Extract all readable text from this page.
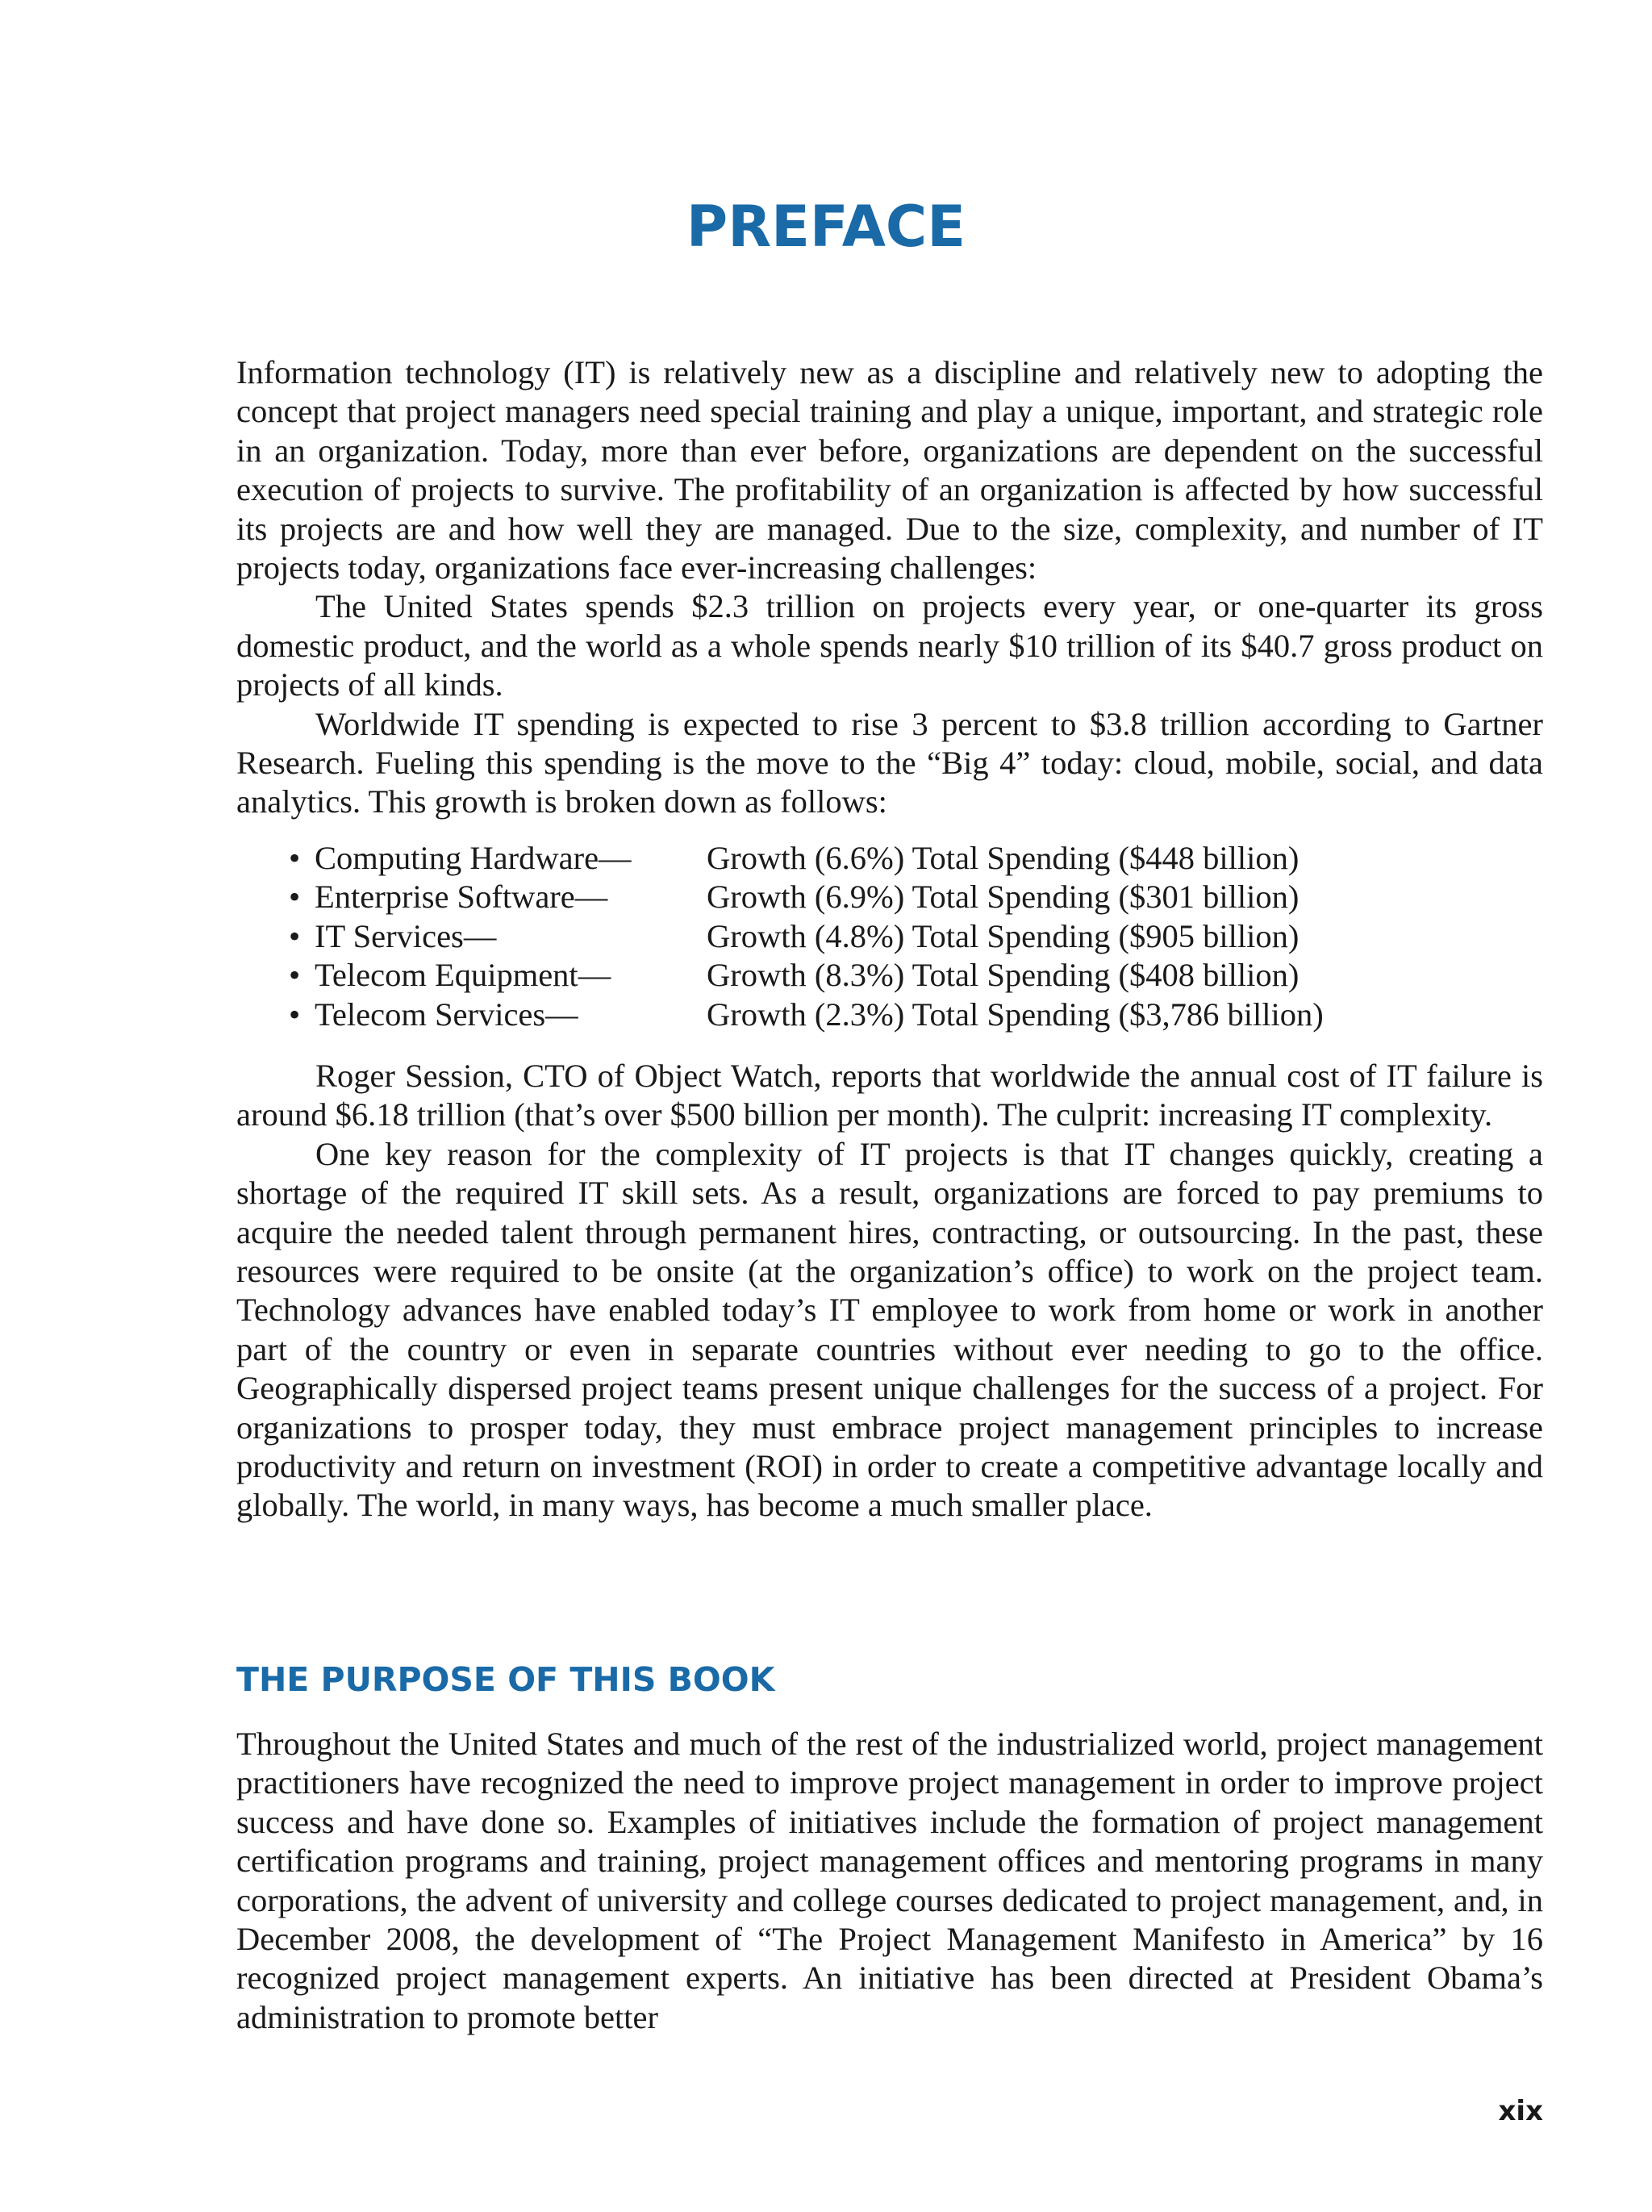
PREFACE

Information technology (IT) is relatively new as a discipline and relatively new to adopting the concept that project managers need special training and play a unique, important, and strategic role in an organization. Today, more than ever before, organizations are dependent on the successful execution of projects to survive. The profitability of an organization is affected by how successful its projects are and how well they are managed. Due to the size, complexity, and number of IT projects today, organizations face ever-increasing challenges:

The United States spends $2.3 trillion on projects every year, or one-quarter its gross domestic product, and the world as a whole spends nearly $10 trillion of its $40.7 gross product on projects of all kinds.

Worldwide IT spending is expected to rise 3 percent to $3.8 trillion according to Gartner Research. Fueling this spending is the move to the “Big 4” today: cloud, mobile, social, and data analytics. This growth is broken down as follows:

• Computing Hardware—	Growth (6.6%) Total Spending ($448 billion)
• Enterprise Software—	Growth (6.9%) Total Spending ($301 billion)
• IT Services—	Growth (4.8%) Total Spending ($905 billion)
• Telecom Equipment—	Growth (8.3%) Total Spending ($408 billion)
• Telecom Services—	Growth (2.3%) Total Spending ($3,786 billion)

Roger Session, CTO of Object Watch, reports that worldwide the annual cost of IT failure is around $6.18 trillion (that’s over $500 billion per month). The culprit: increasing IT complexity.

One key reason for the complexity of IT projects is that IT changes quickly, creating a shortage of the required IT skill sets. As a result, organizations are forced to pay premiums to acquire the needed talent through permanent hires, contracting, or outsourcing. In the past, these resources were required to be onsite (at the organization’s office) to work on the project team. Technology advances have enabled today’s IT employee to work from home or work in another part of the country or even in separate countries without ever needing to go to the office. Geographically dispersed project teams present unique challenges for the success of a project. For organizations to prosper today, they must embrace project management principles to increase productivity and return on investment (ROI) in order to create a competitive advantage locally and globally. The world, in many ways, has become a much smaller place.

THE PURPOSE OF THIS BOOK

Throughout the United States and much of the rest of the industrialized world, project management practitioners have recognized the need to improve project management in order to improve project success and have done so. Examples of initiatives include the formation of project management certification programs and training, project management offices and mentoring programs in many corporations, the advent of university and college courses dedicated to project management, and, in December 2008, the development of “The Project Management Manifesto in America” by 16 recognized project management experts. An initiative has been directed at President Obama’s administration to promote better

xix
